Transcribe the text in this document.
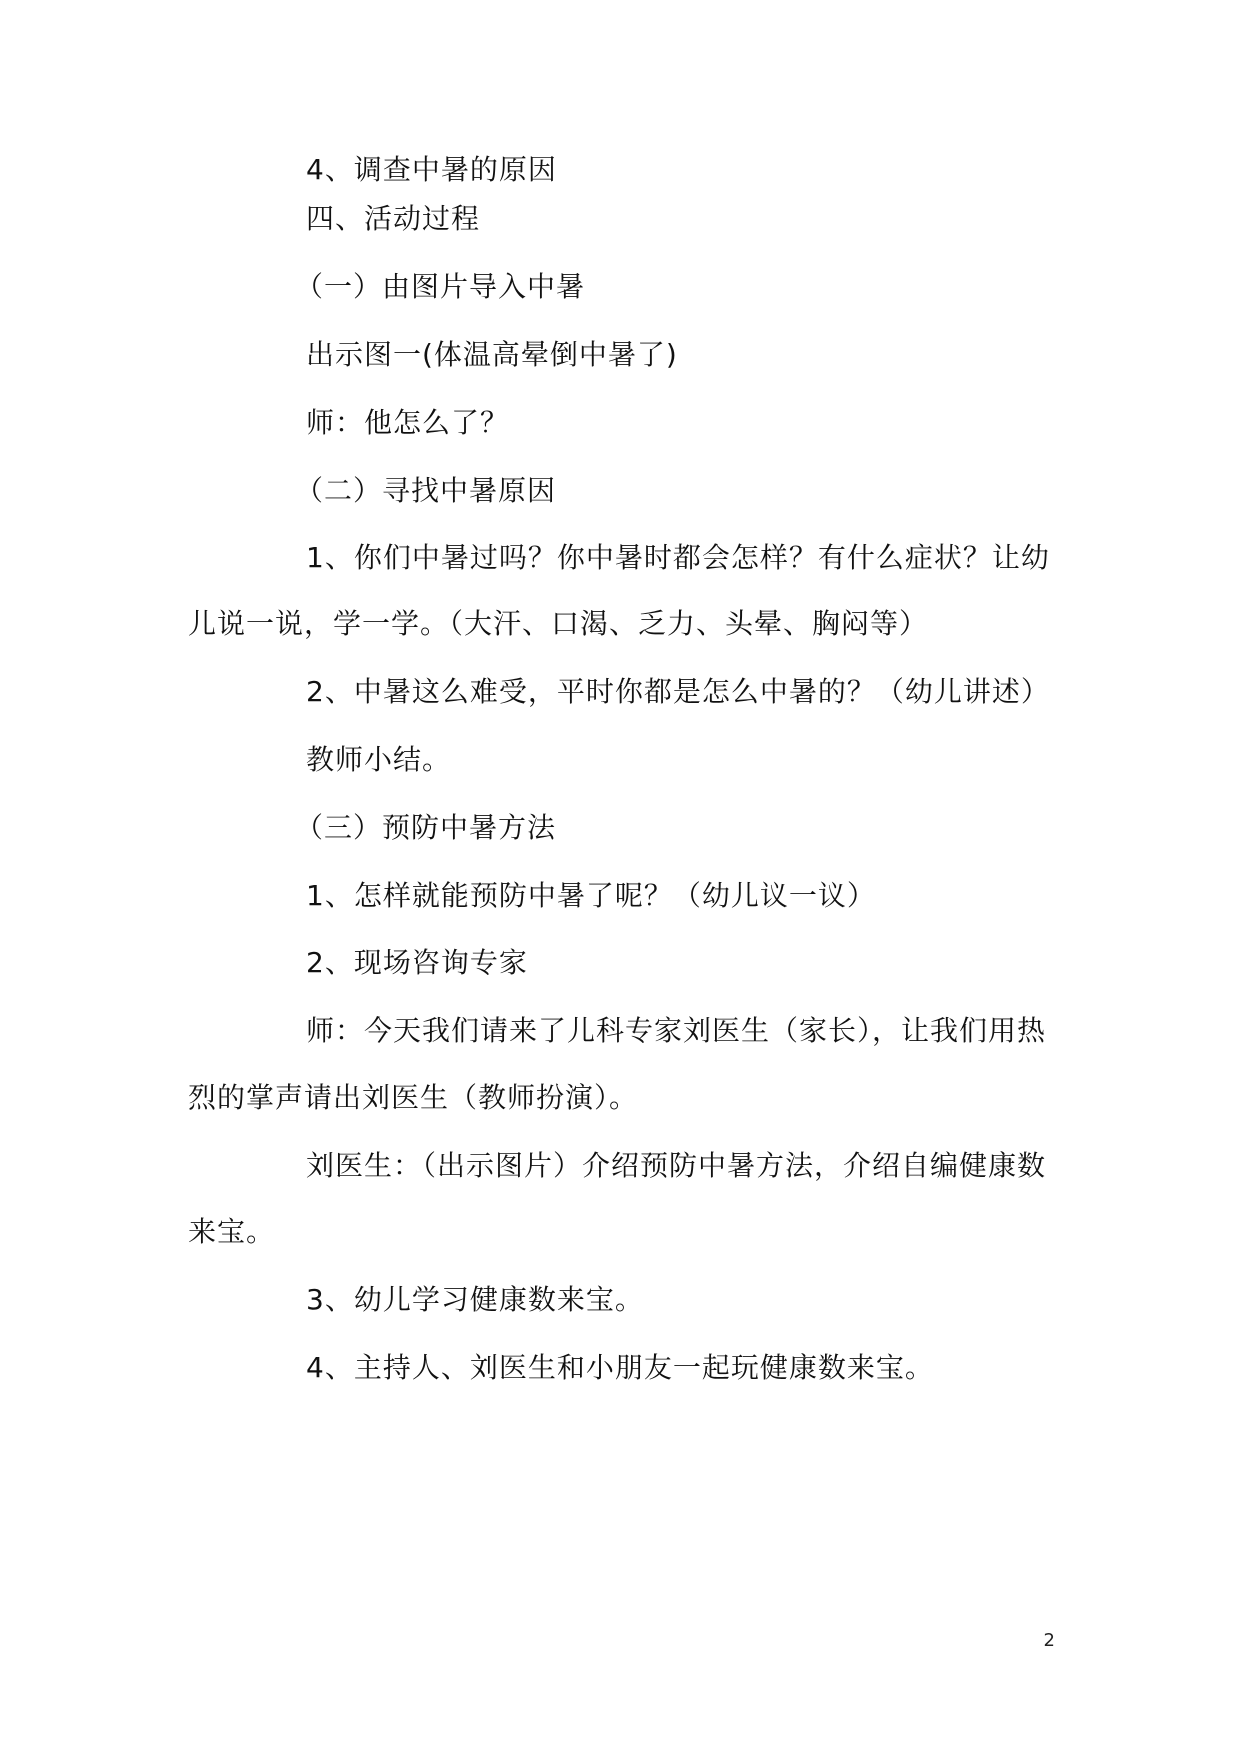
4、调查中暑的原因
四、活动过程
（一）由图片导入中暑
出示图一(体温高晕倒中暑了)
师：他怎么了？
（二）寻找中暑原因
1、你们中暑过吗？你中暑时都会怎样？有什么症状？让幼
儿说一说，学一学。（大汗、口渴、乏力、头晕、胸闷等）
2、中暑这么难受，平时你都是怎么中暑的？（幼儿讲述）
教师小结。
（三）预防中暑方法
1、怎样就能预防中暑了呢？（幼儿议一议）
2、现场咨询专家
师：今天我们请来了儿科专家刘医生（家长），让我们用热
烈的掌声请出刘医生（教师扮演）。
刘医生：（出示图片）介绍预防中暑方法，介绍自编健康数
来宝。
3、幼儿学习健康数来宝。
4、主持人、刘医生和小朋友一起玩健康数来宝。
2
